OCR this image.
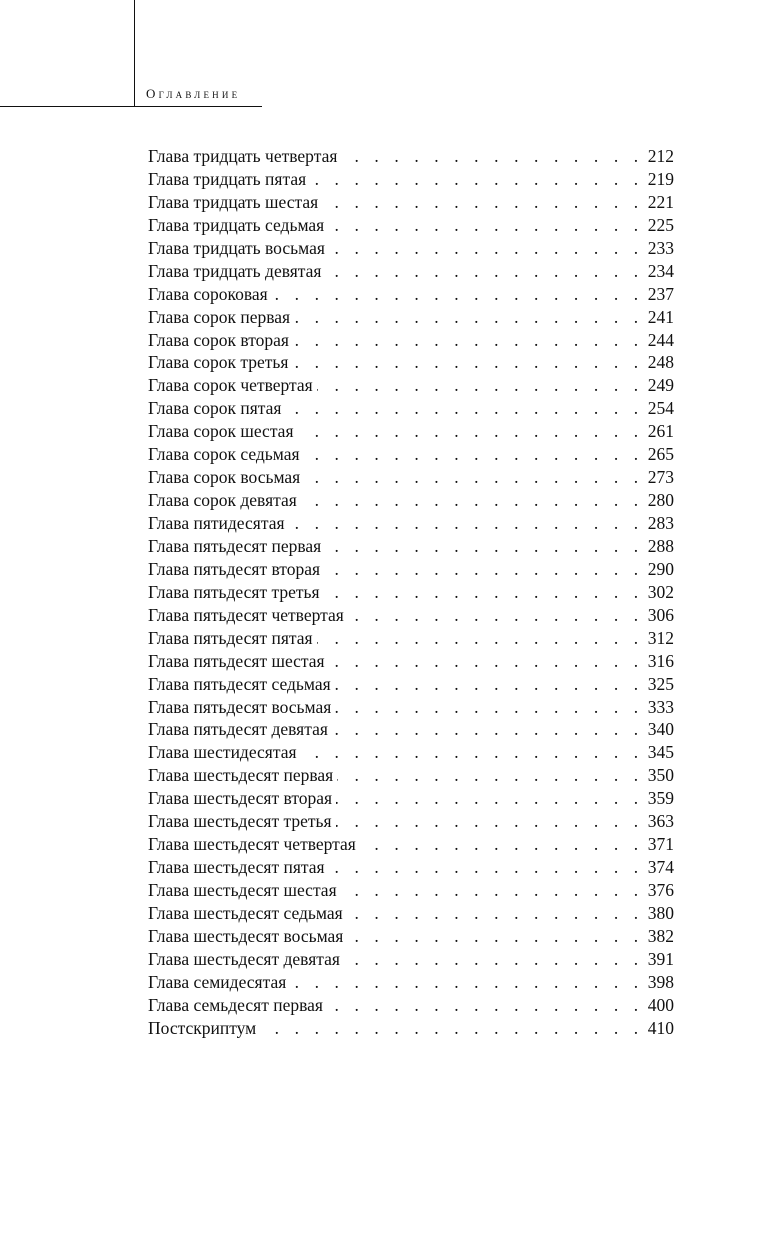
Оглавление
Глава тридцать четвертая . . .	212
Глава тридцать пятая . . .	219
Глава тридцать шестая . . .	221
Глава тридцать седьмая . . .	225
Глава тридцать восьмая . . .	233
Глава тридцать девятая . . .	234
Глава сороковая . . .	237
Глава сорок первая . . .	241
Глава сорок вторая . . .	244
Глава сорок третья . . .	248
Глава сорок четвертая . . .	249
Глава сорок пятая . . .	254
Глава сорок шестая . . .	261
Глава сорок седьмая . . .	265
Глава сорок восьмая . . .	273
Глава сорок девятая . . .	280
Глава пятидесятая . . .	283
Глава пятьдесят первая . . .	288
Глава пятьдесят вторая . . .	290
Глава пятьдесят третья . . .	302
Глава пятьдесят четвертая . . .	306
Глава пятьдесят пятая . . .	312
Глава пятьдесят шестая . . .	316
Глава пятьдесят седьмая . . .	325
Глава пятьдесят восьмая . . .	333
Глава пятьдесят девятая . . .	340
Глава шестидесятая . . .	345
Глава шестьдесят первая . . .	350
Глава шестьдесят вторая . . .	359
Глава шестьдесят третья . . .	363
Глава шестьдесят четвертая . . .	371
Глава шестьдесят пятая . . .	374
Глава шестьдесят шестая . . .	376
Глава шестьдесят седьмая . . .	380
Глава шестьдесят восьмая . . .	382
Глава шестьдесят девятая . . .	391
Глава семидесятая . . .	398
Глава семьдесят первая . . .	400
Постскриптум . . .	410
